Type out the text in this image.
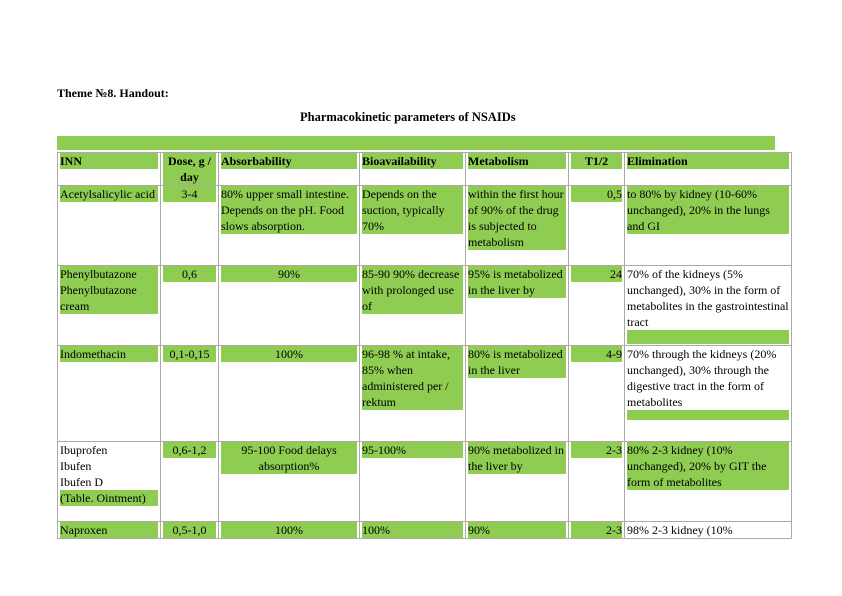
Theme №8. Handout:
Pharmacokinetic parameters of NSAIDs
INN	Dose, g / day	Absorbability	Bioavailability	Metabolism	T1/2	Elimination

Acetylsalicylic acid	3-4	80% upper small intestine. Depends on the pH. Food slows absorption.	Depends on the suction, typically 70%	within the first hour of 90% of the drug is subjected to metabolism	0,5	to 80% by kidney (10-60% unchanged), 20% in the lungs and GI

Phenylbutazone Phenylbutazone cream	0,6	90%	85-90 90% decrease with prolonged use of	95% is metabolized in the liver by	24	70% of the kidneys (5% unchanged), 30% in the form of metabolites in the gastrointestinal tract

Indomethacin	0,1-0,15	100%	96-98 % at intake, 85% when administered per / rektum	80% is metabolized in the liver	4-9	70% through the kidneys (20% unchanged), 30% through the digestive tract in the form of metabolites

Ibuprofen
Ibufen
Ibufen D
(Table. Ointment)	0,6-1,2	95-100 Food delays absorption%	95-100%	90% metabolized in the liver by	2-3	80% 2-3 kidney (10% unchanged), 20% by GIT the form of metabolites

Naproxen	0,5-1,0	100%	100%	90%	2-3	98% 2-3 kidney (10%
